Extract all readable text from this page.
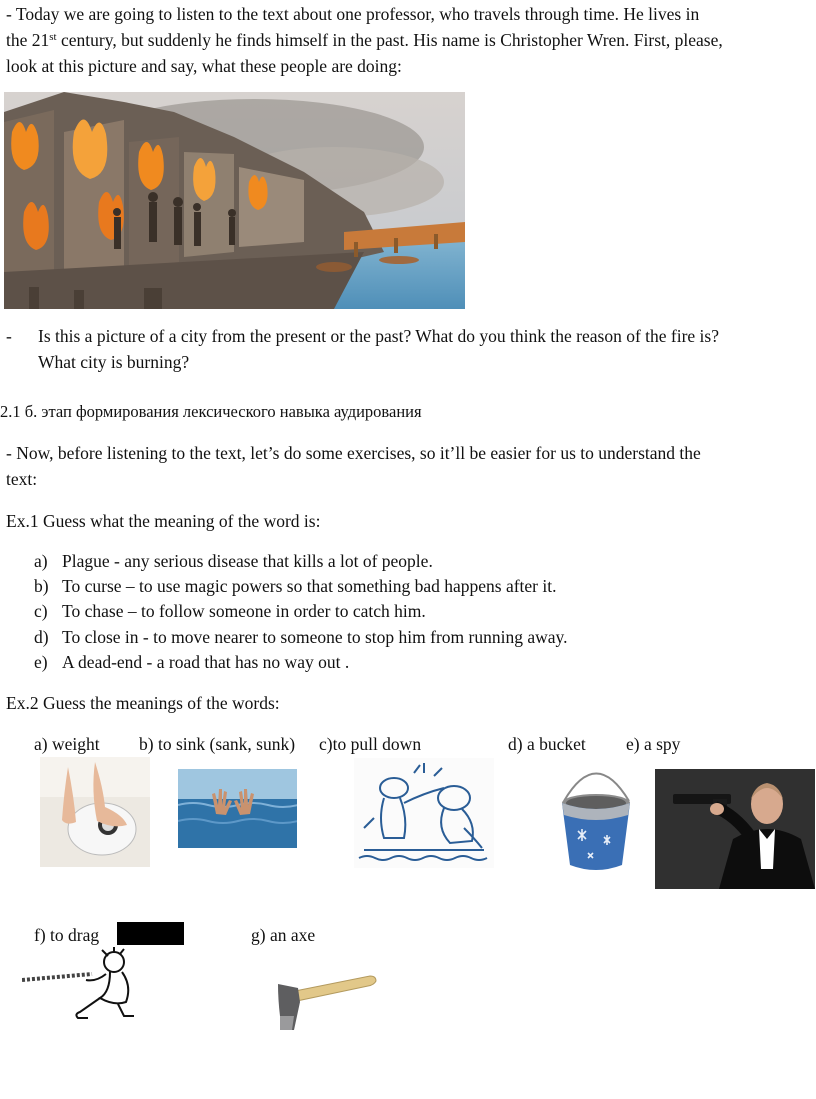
- Today we are going to listen to the text about one professor, who travels through time. He lives in
the 21st century, but suddenly he finds himself in the past. His name is Christopher Wren. First, please,
look at this picture and say, what these people are doing:
- Is this a picture of a city from the present or the past? What do you think the reason of the fire is?
What city is burning?
2.1 б. этап формирования лексического навыка аудирования
- Now, before listening to the text, let’s do some exercises, so it’ll be easier for us to understand the
text:
Ex.1 Guess what the meaning of the word is:
a) Plague - any serious disease that kills a lot of people.
b) To curse – to use magic powers so that something bad happens after it.
c) To chase – to follow someone in order to catch him.
d) To close in - to move nearer to someone to stop him from running away.
e) A dead-end - a road that has no way out .
Ex.2 Guess the meanings of the words:
a) weight b) to sink (sank, sunk) c)to pull down	d) a bucket e) a spy
f) to drag	g) an axe
